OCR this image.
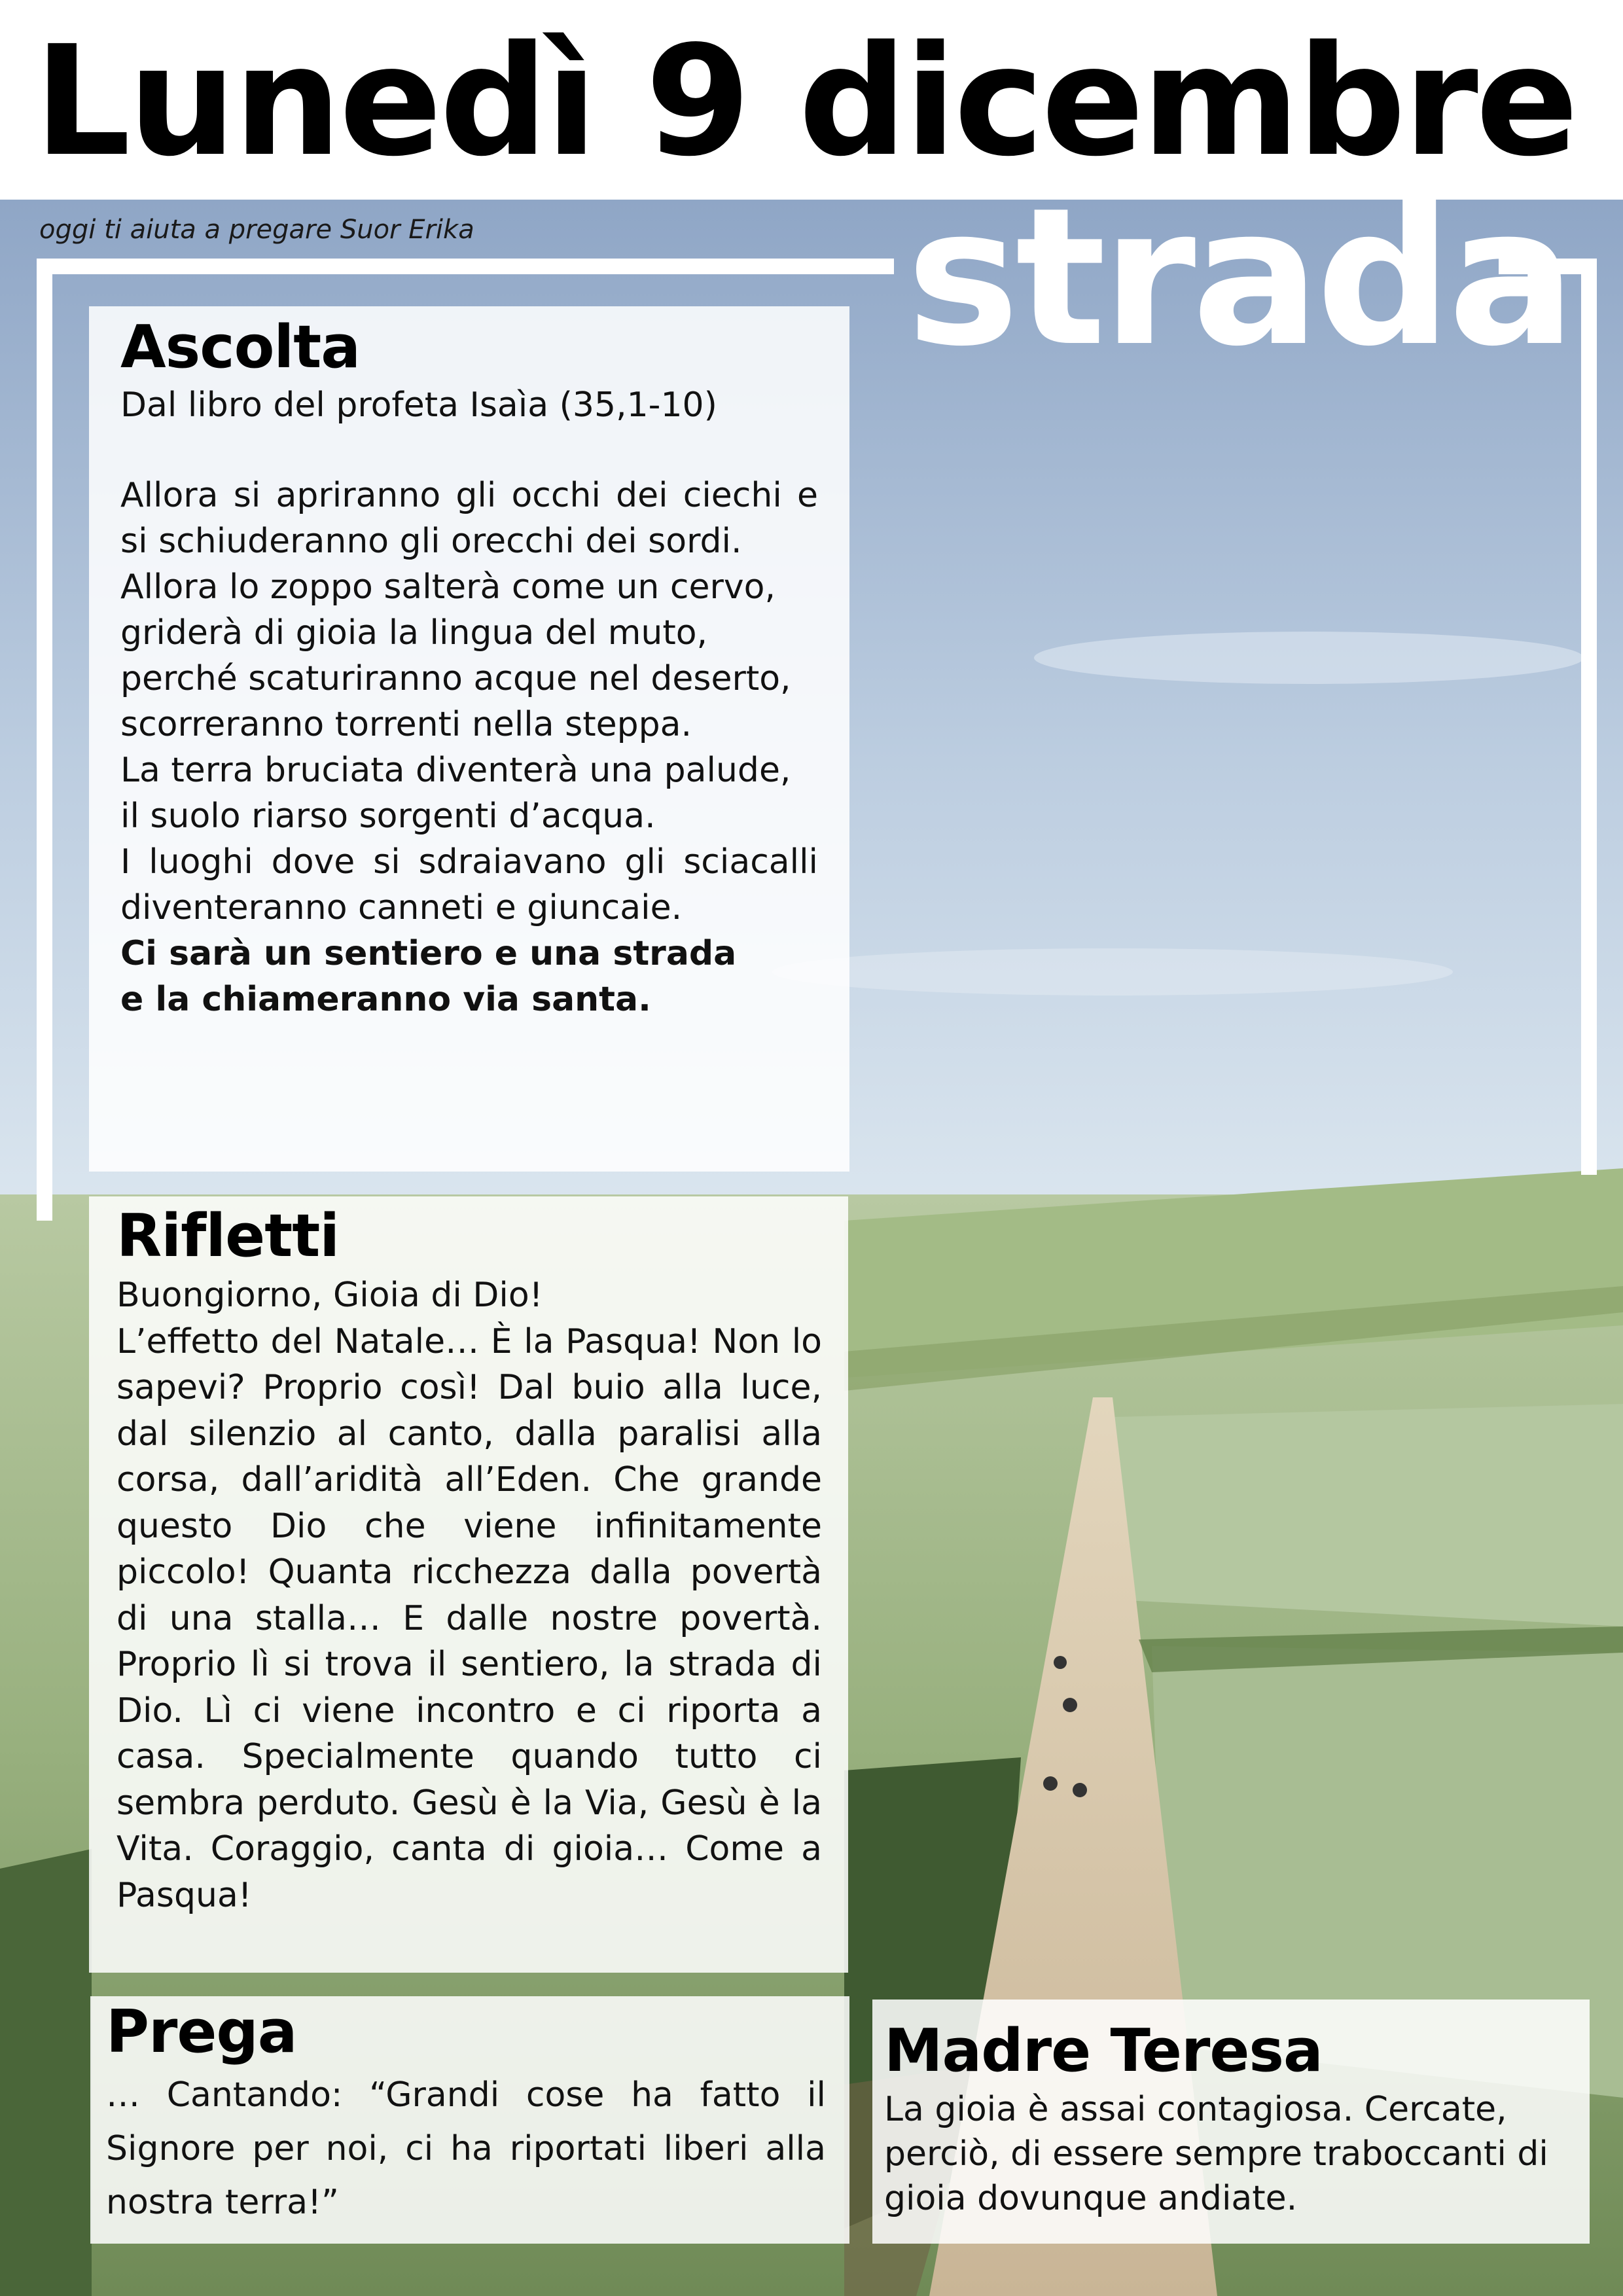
Lunedì 9 dicembre
oggi ti aiuta a pregare Suor Erika strada
Ascolta
Dal libro del profeta Isaìa (35,1-10)
Allora si apriranno gli occhi dei ciechi e si schiuderanno gli orecchi dei sordi.
Allora lo zoppo salterà come un cervo,
griderà di gioia la lingua del muto,
perché scaturiranno acque nel deserto,
scorreranno torrenti nella steppa.
La terra bruciata diventerà una palude,
il suolo riarso sorgenti d’acqua.
I luoghi dove si sdraiavano gli sciacalli diventeranno canneti e giuncaie.
Ci sarà un sentiero e una strada
e la chiameranno via santa.
Rifletti
Buongiorno, Gioia di Dio!
L’effetto del Natale… È la Pasqua! Non lo sapevi? Proprio così! Dal buio alla luce, dal silenzio al canto, dalla paralisi alla corsa, dall’aridità all’Eden. Che grande questo Dio che viene infinitamente piccolo! Quanta ricchezza dalla povertà di una stalla… E dalle nostre povertà. Proprio lì si trova il sentiero, la strada di Dio. Lì ci viene incontro e ci riporta a casa. Specialmente quando tutto ci sembra perduto. Gesù è la Via, Gesù è la Vita. Coraggio, canta di gioia… Come a Pasqua!
Prega
… Cantando: “Grandi cose ha fatto il Signore per noi, ci ha riportati liberi alla nostra terra!”
Madre Teresa
La gioia è assai contagiosa. Cercate, perciò, di essere sempre traboccanti di gioia dovunque andiate.
